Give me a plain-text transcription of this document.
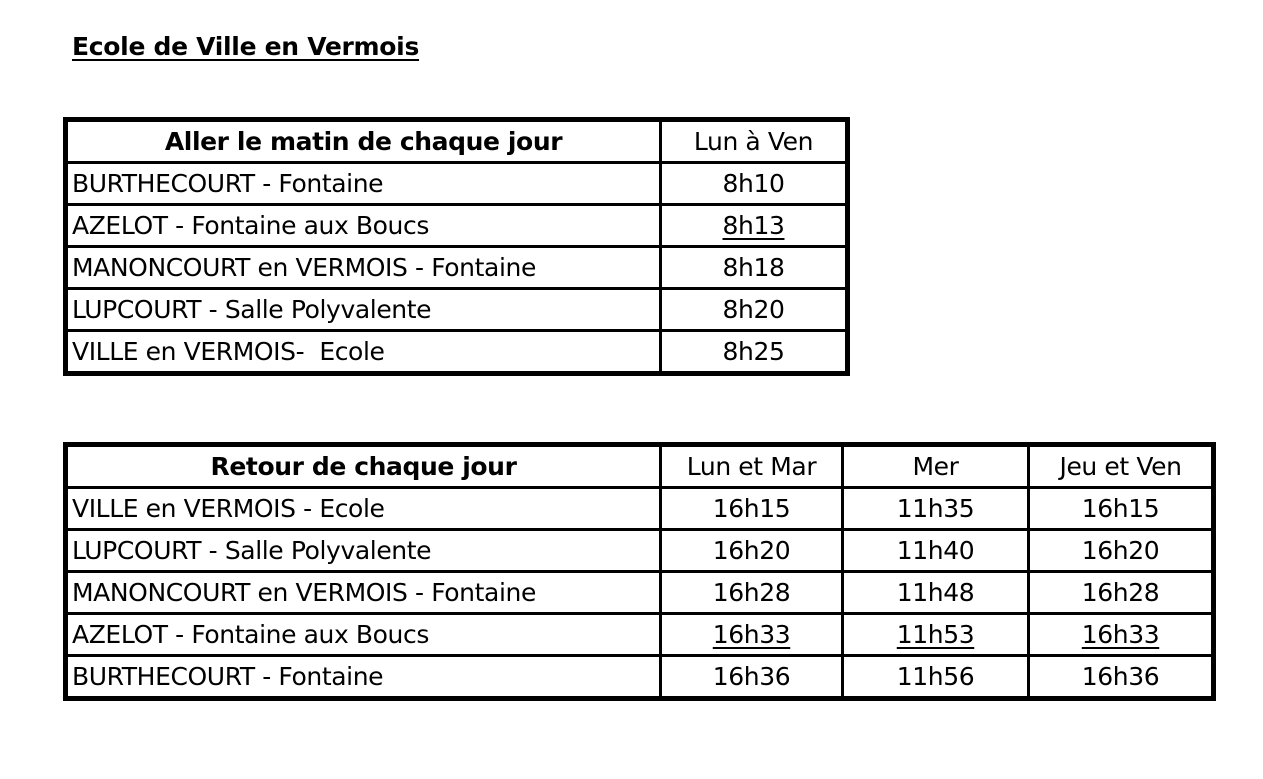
Ecole de Ville en Vermois
Aller le matin de chaque jour	Lun à Ven
BURTHECOURT - Fontaine	8h10
AZELOT - Fontaine aux Boucs	8h13
MANONCOURT en VERMOIS - Fontaine	8h18
LUPCOURT - Salle Polyvalente	8h20
VILLE en VERMOIS-  Ecole	8h25
Retour de chaque jour	Lun et Mar	Mer	Jeu et Ven
VILLE en VERMOIS - Ecole	16h15	11h35	16h15
LUPCOURT - Salle Polyvalente	16h20	11h40	16h20
MANONCOURT en VERMOIS - Fontaine	16h28	11h48	16h28
AZELOT - Fontaine aux Boucs	16h33	11h53	16h33
BURTHECOURT - Fontaine	16h36	11h56	16h36
